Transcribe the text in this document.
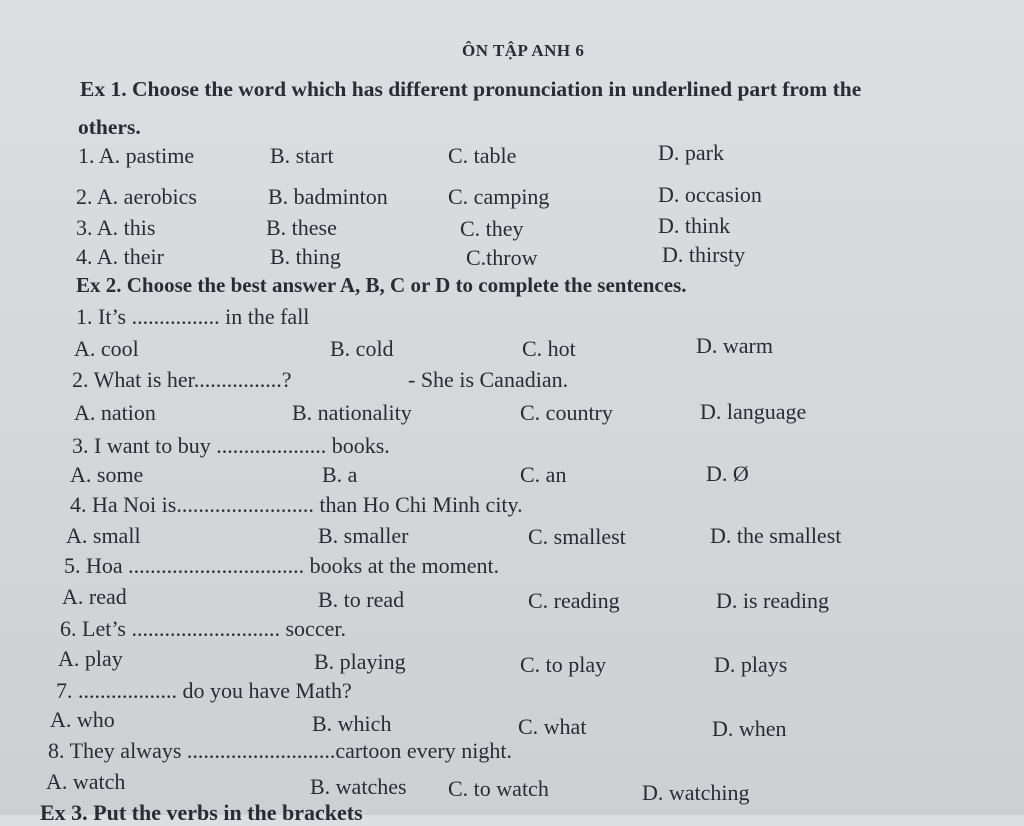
ÔN TẬP ANH 6
Ex 1. Choose the word which has different pronunciation in underlined part from the
others.
1. A. pastime	B. start	C. table	D. park
2. A. aerobics	B. badminton	C. camping	D. occasion
3. A. this	B. these	C. they	D. think
4. A. their	B. thing	C.throw	D. thirsty
Ex 2. Choose the best answer A, B, C or D to complete the sentences.
1. It’s ................ in the fall
A. cool	B. cold	C. hot	D. warm
2. What is her................?	- She is Canadian.
A. nation	B. nationality	C. country	D. language
3. I want to buy .................... books.
A. some	B. a	C. an	D. Ø
4. Ha Noi is......................... than Ho Chi Minh city.
A. small	B. smaller	C. smallest	D. the smallest
5. Hoa ................................ books at the moment.
A. read	B. to read	C. reading	D. is reading
6. Let’s ........................... soccer.
A. play	B. playing	C. to play	D. plays
7. .................. do you have Math?
A. who	B. which	C. what	D. when
8. They always ...........................cartoon every night.
A. watch	B. watches C. to watch	D. watching
Ex 3. Put the verbs in the brackets
